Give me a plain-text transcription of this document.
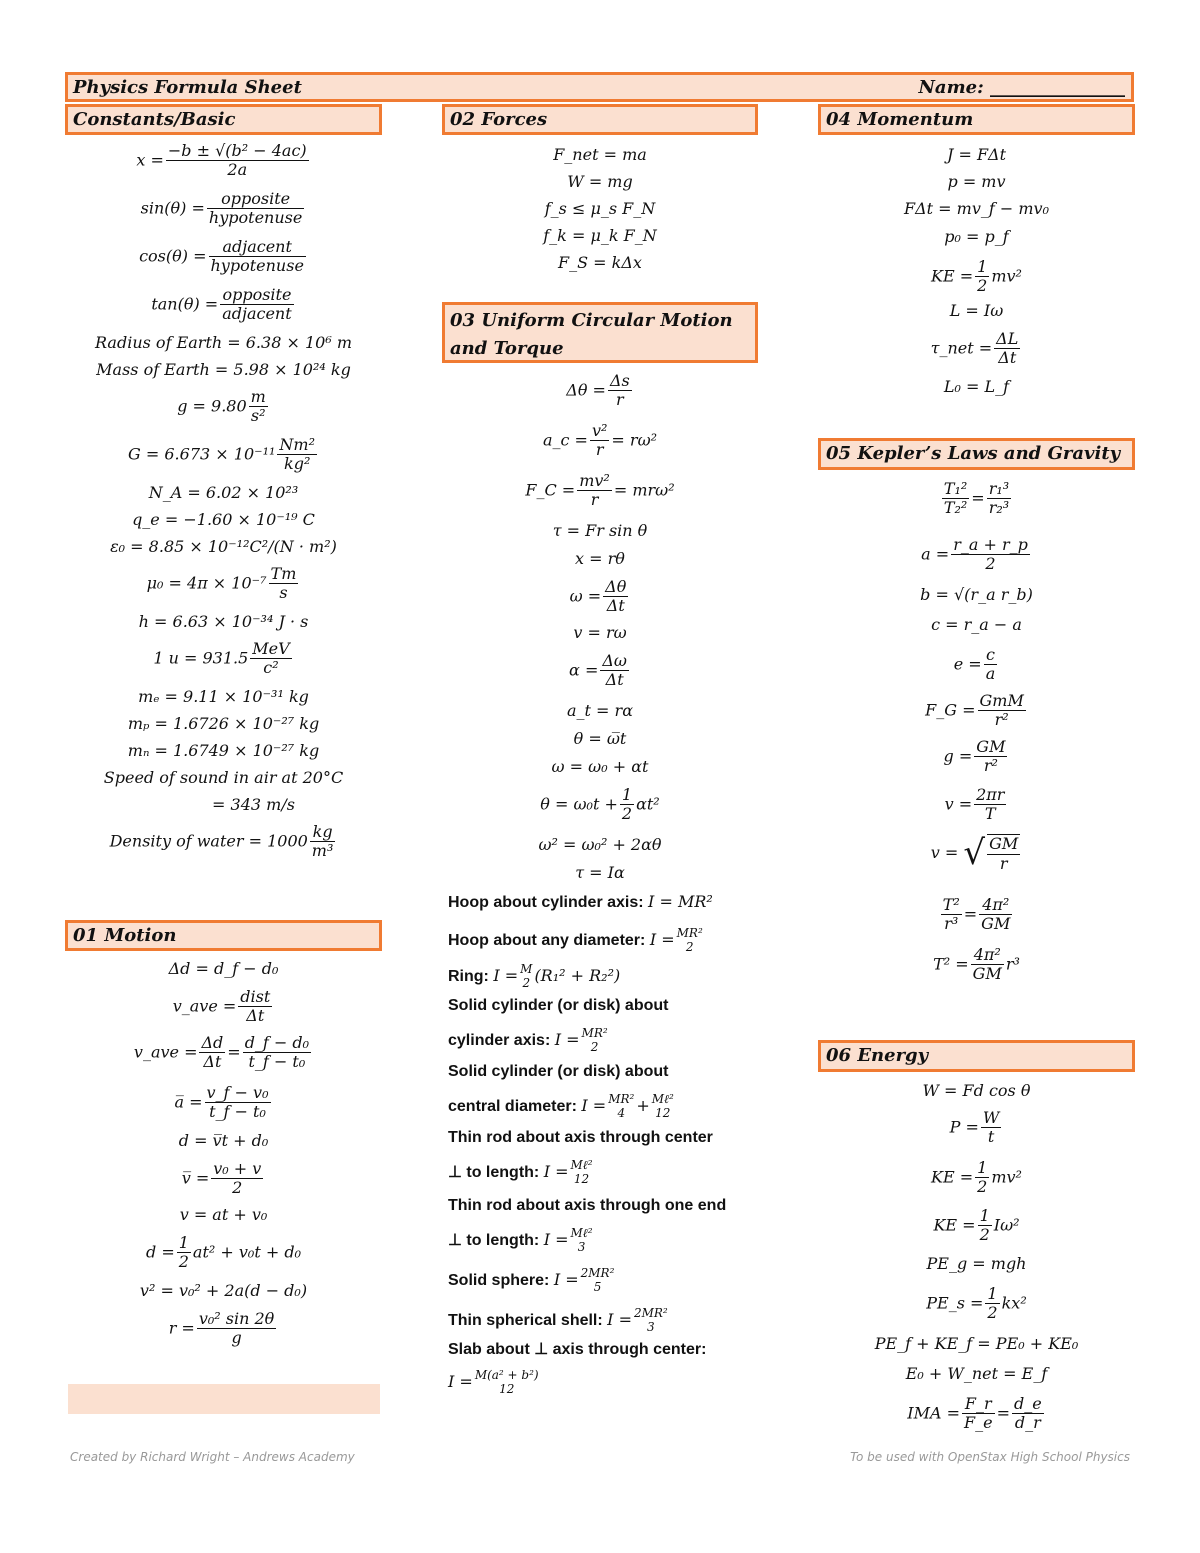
Physics Formula Sheet	Name: _______________
Constants/Basic	02 Forces	04 Momentum
03 Uniform Circular Motion and Torque
05 Kepler’s Laws and Gravity
01 Motion
06 Energy
$x = \frac{\text{−b ± √(b² − 4ac)}}{2a}$
sin(θ) =	opposite
hypotenuse
cos(θ) = adjacent
hypotenuse
tan(θ) = opposite
adjacent
Radius of Earth = 6.38 × 10⁶ m
Mass of Earth = 5.98 × 10²⁴ kg
$g = 9.80 \frac{m}{\text{s²}}$
$G = 6.673 \times 10^{-11} \frac{\text{Nm²}}{\text{kg²}}$
N_A = 6.02 × 10²³
q_e = −1.60 × 10⁻¹⁹ C
ε₀ = 8.85 × 10⁻¹²C²/(N · m²)
$\mu_0 = 4\pi \times 10^{-7} \frac{Tm}{s}$
h = 6.63 × 10⁻³⁴ J · s
1 u = 931.5 MeV
c²
mₑ = 9.11 × 10⁻³¹ kg
mₚ = 1.6726 × 10⁻²⁷ kg
mₙ = 1.6749 × 10⁻²⁷ kg
Speed of sound in air at 20°C
= 343 m/s
Density of water = $1000 \frac{kg}{\text{m³}}$
Δd = d_f − d₀
v_ave = dist
Δt
v_ave = $\frac{\Delta d}{\Delta t} = \frac{\text{d\_f − d₀}}{\text{t\_f − t₀}}$
a̅ = $\frac{\text{v\_f − v₀}}{\text{t\_f − t₀}}$
d = v̅t + d₀
v̅ = $\frac{\text{v₀ + v}}{2}$
v = at + v₀
$d = \frac{1}{2} at^2 + v_0t + d_0$
v² = v₀² + 2a(d − d₀)
$r = \frac{\text{v₀² sin 2θ}}{g}$
F_net = ma
W = mg
f_s ≤ μ_s F_N
f_k = μ_k F_N
F_S = kΔx
$\Delta\theta = \frac{\Delta s}{r}$
a_c = $\frac{\text{v²}}{r} = r\omega^2$
F_C = $\frac{\text{mv²}}{r} = mr\omega^2$
τ = Fr sin θ
x = rθ
$\omega = \frac{\Delta\theta}{\Delta t}$
v = rω
$\alpha = \frac{\Delta\omega}{\Delta t}$
a_t = rα
θ = ω̅t
ω = ω₀ + αt
$\theta = \omega_0t + \frac{1}{2} \alpha t^2$
ω² = ω₀² + 2αθ
τ = Iα
Hoop about cylinder axis: I = MR²
Hoop about any diameter: I = MR²
2
Ring: I = M
2 (R₁² + R₂²)
Solid cylinder (or disk) about
cylinder axis: I = MR²
2
Solid cylinder (or disk) about
central diameter: I = MR²
4 + Mℓ²
12
Thin rod about axis through center
⊥ to length: I = Mℓ²
12
Thin rod about axis through one end
⊥ to length: I = Mℓ²
3
Solid sphere: I = 2MR²
5
Thin spherical shell: I = 2MR²
3
Slab about ⊥ axis through center:
I = M(a² + b²)
12
J = FΔt
p = mv
FΔt = mv_f − mv₀
p₀ = p_f
KE = $\frac{1}{2} mv^2$
L = Iω
τ_net = $\frac{\Delta L}{\Delta t}$
L₀ = L_f
$\frac{\text{T₁²}}{\text{T₂²}} = \frac{\text{r₁³}}{\text{r₂³}}$
$a = \frac{r\_a + r\_p}{2}$
b = √(r_a r_b)
c = r_a − a
$e = \frac{c}{a}$
F_G = GmM
r²
$g = \frac{GM}{\text{r²}}$
$v = \frac{2\pi r}{T}$
v = √ $\frac{GM}{r}$
$\frac{\text{T²}}{\text{r³}} = \frac{\text{4π²}}{GM}$
$T^2 = \frac{\text{4π²}}{GM} r^3$
W = Fd cos θ
$P = \frac{W}{t}$
KE = $\frac{1}{2} mv^2$
KE = $\frac{1}{2} I\omega^2$
PE_g = mgh
PE_s = $\frac{1}{2} kx^2$
PE_f + KE_f = PE₀ + KE₀
E₀ + W_net = E_f
IMA = $\frac{F\_r}{F\_e} = \frac{d\_e}{d\_r}$
Created by Richard Wright – Andrews Academy	To be used with OpenStax High School Physics
